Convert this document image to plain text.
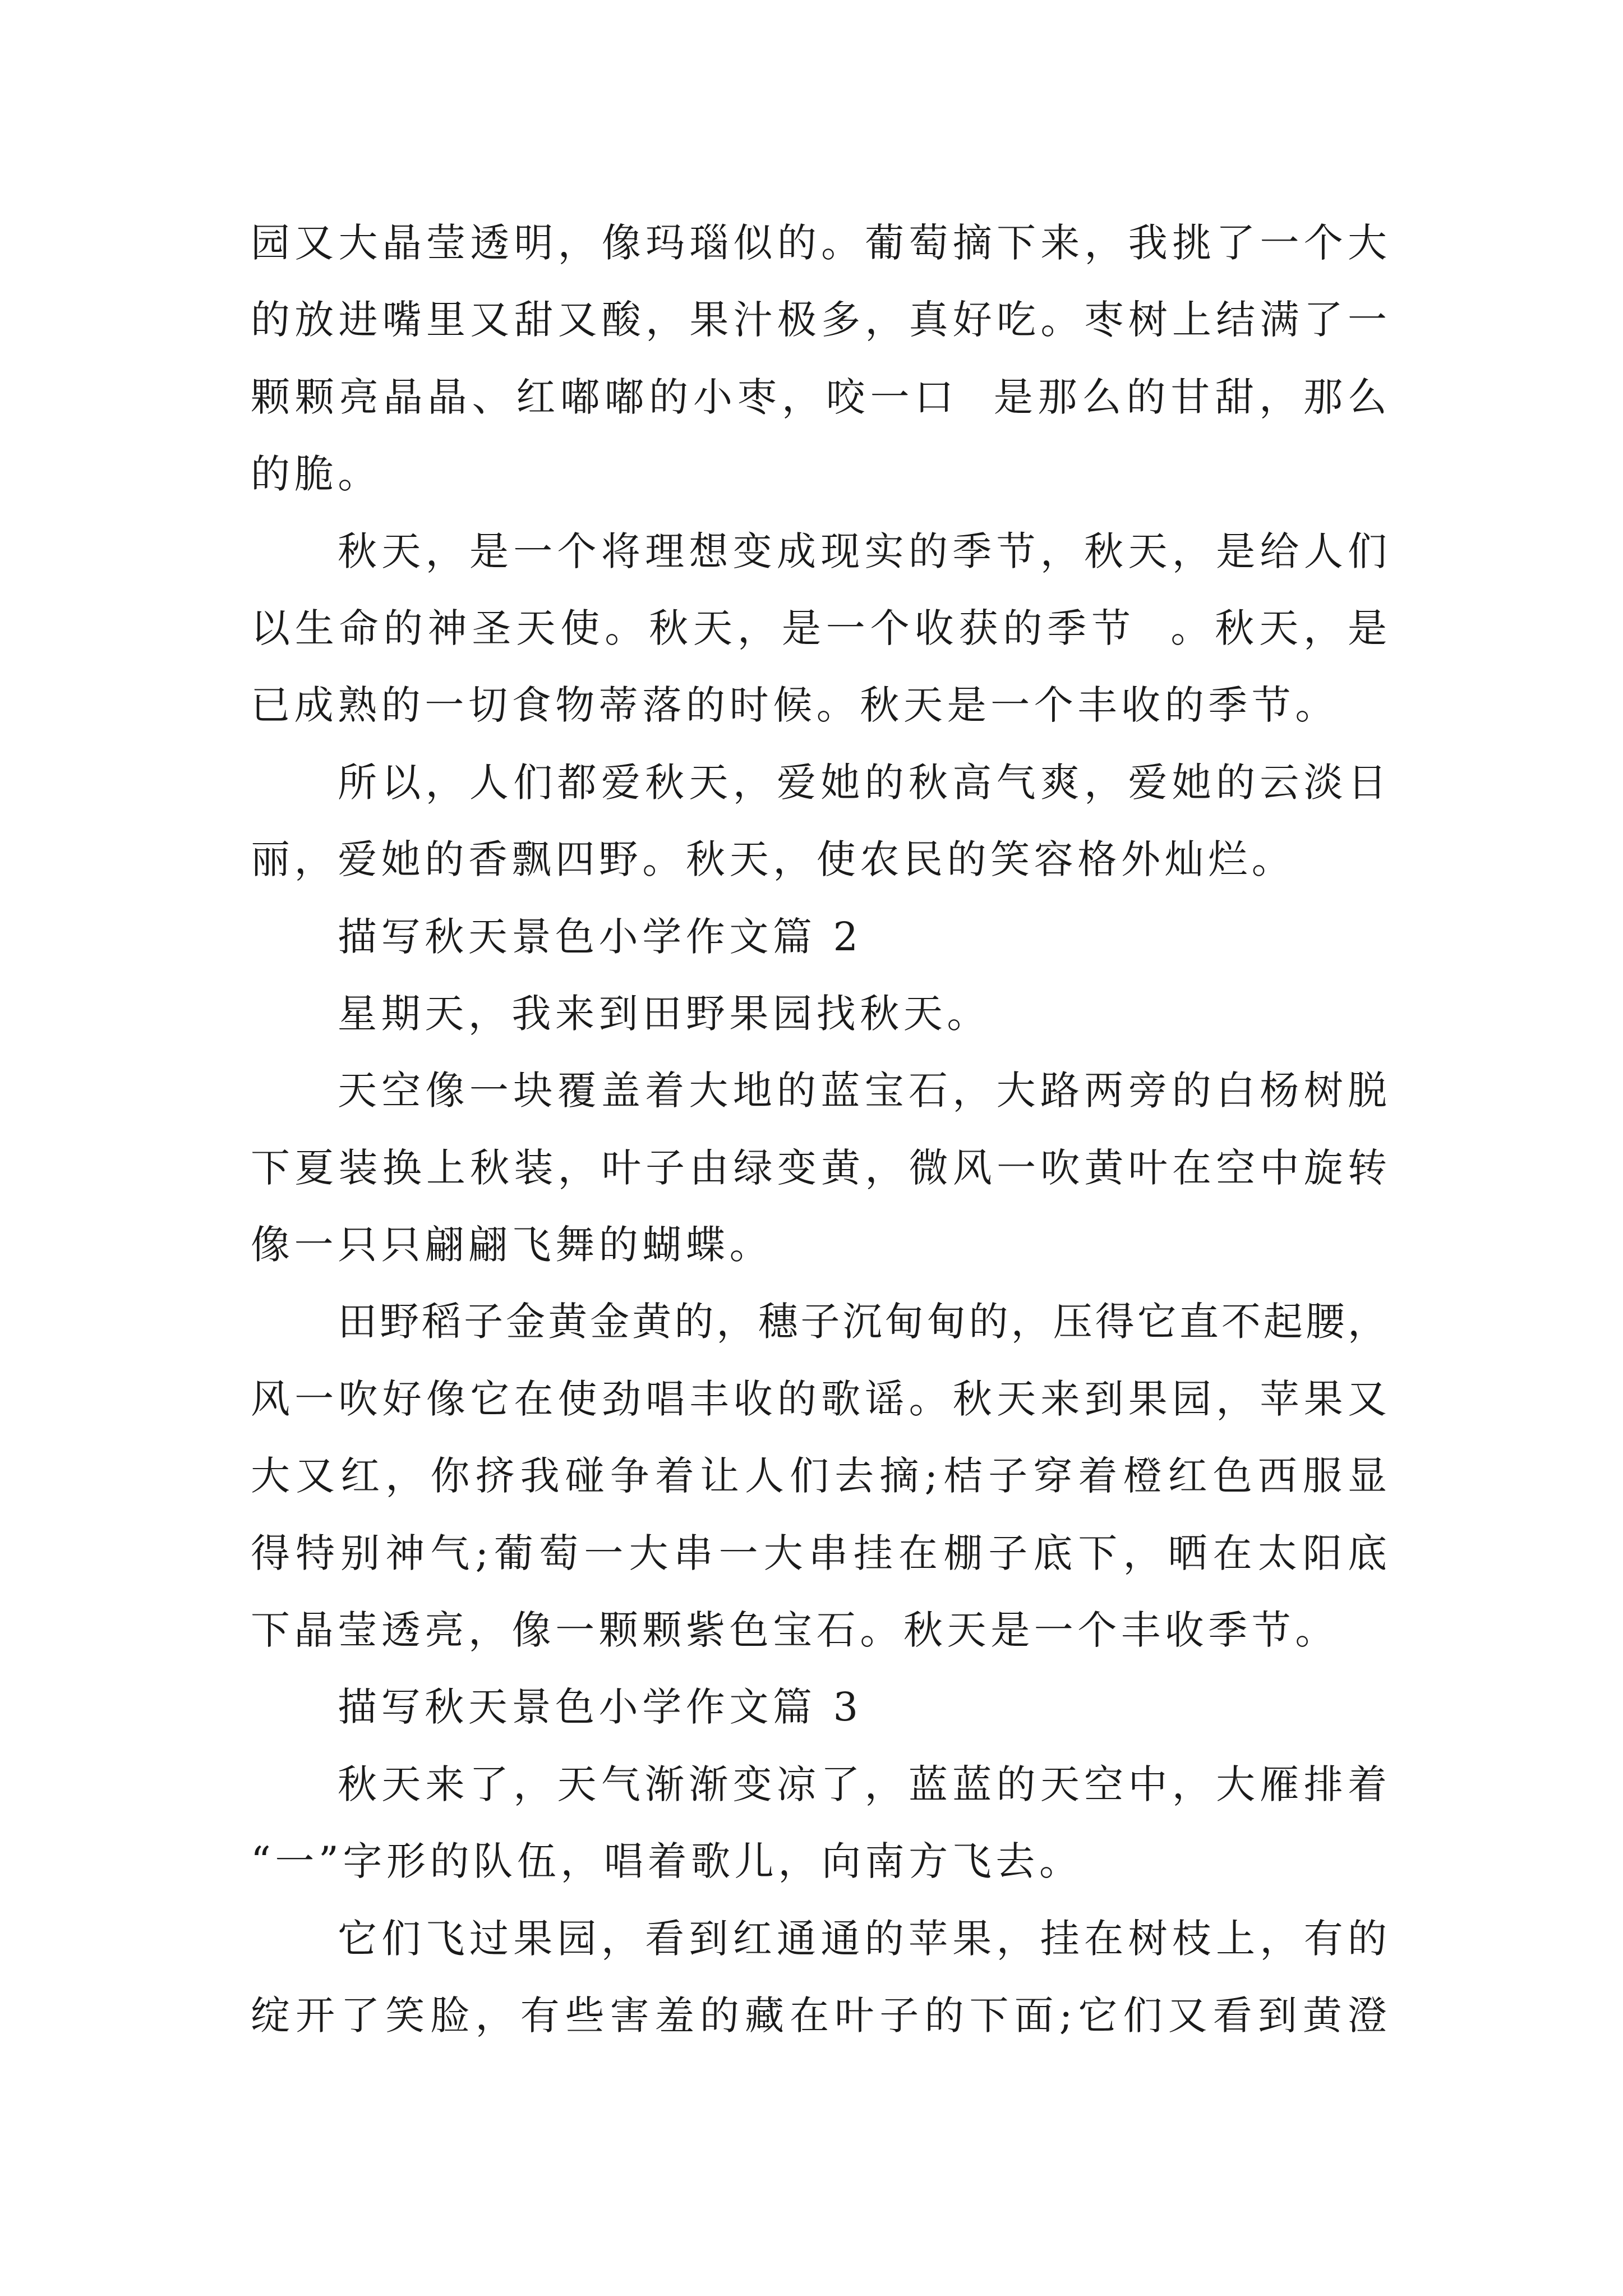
园又大晶莹透明，像玛瑙似的。葡萄摘下来，我挑了一个大
的放进嘴里又甜又酸，果汁极多，真好吃。枣树上结满了一
颗颗亮晶晶、红嘟嘟的小枣，咬一口  是那么的甘甜，那么
的脆。
秋天，是一个将理想变成现实的季节，秋天，是给人们
以生命的神圣天使。秋天，是一个收获的季节  。秋天，是
已成熟的一切食物蒂落的时候。秋天是一个丰收的季节。
所以，人们都爱秋天，爱她的秋高气爽，爱她的云淡日
丽，爱她的香飘四野。秋天，使农民的笑容格外灿烂。
描写秋天景色小学作文篇 2
星期天，我来到田野果园找秋天。
天空像一块覆盖着大地的蓝宝石，大路两旁的白杨树脱
下夏装换上秋装，叶子由绿变黄，微风一吹黄叶在空中旋转
像一只只翩翩飞舞的蝴蝶。
田野稻子金黄金黄的，穗子沉甸甸的，压得它直不起腰，
风一吹好像它在使劲唱丰收的歌谣。秋天来到果园，苹果又
大又红，你挤我碰争着让人们去摘;桔子穿着橙红色西服显
得特别神气;葡萄一大串一大串挂在棚子底下，晒在太阳底
下晶莹透亮，像一颗颗紫色宝石。秋天是一个丰收季节。
描写秋天景色小学作文篇 3
秋天来了，天气渐渐变凉了，蓝蓝的天空中，大雁排着
“一”字形的队伍，唱着歌儿，向南方飞去。
它们飞过果园，看到红通通的苹果，挂在树枝上，有的
绽开了笑脸，有些害羞的藏在叶子的下面;它们又看到黄澄
